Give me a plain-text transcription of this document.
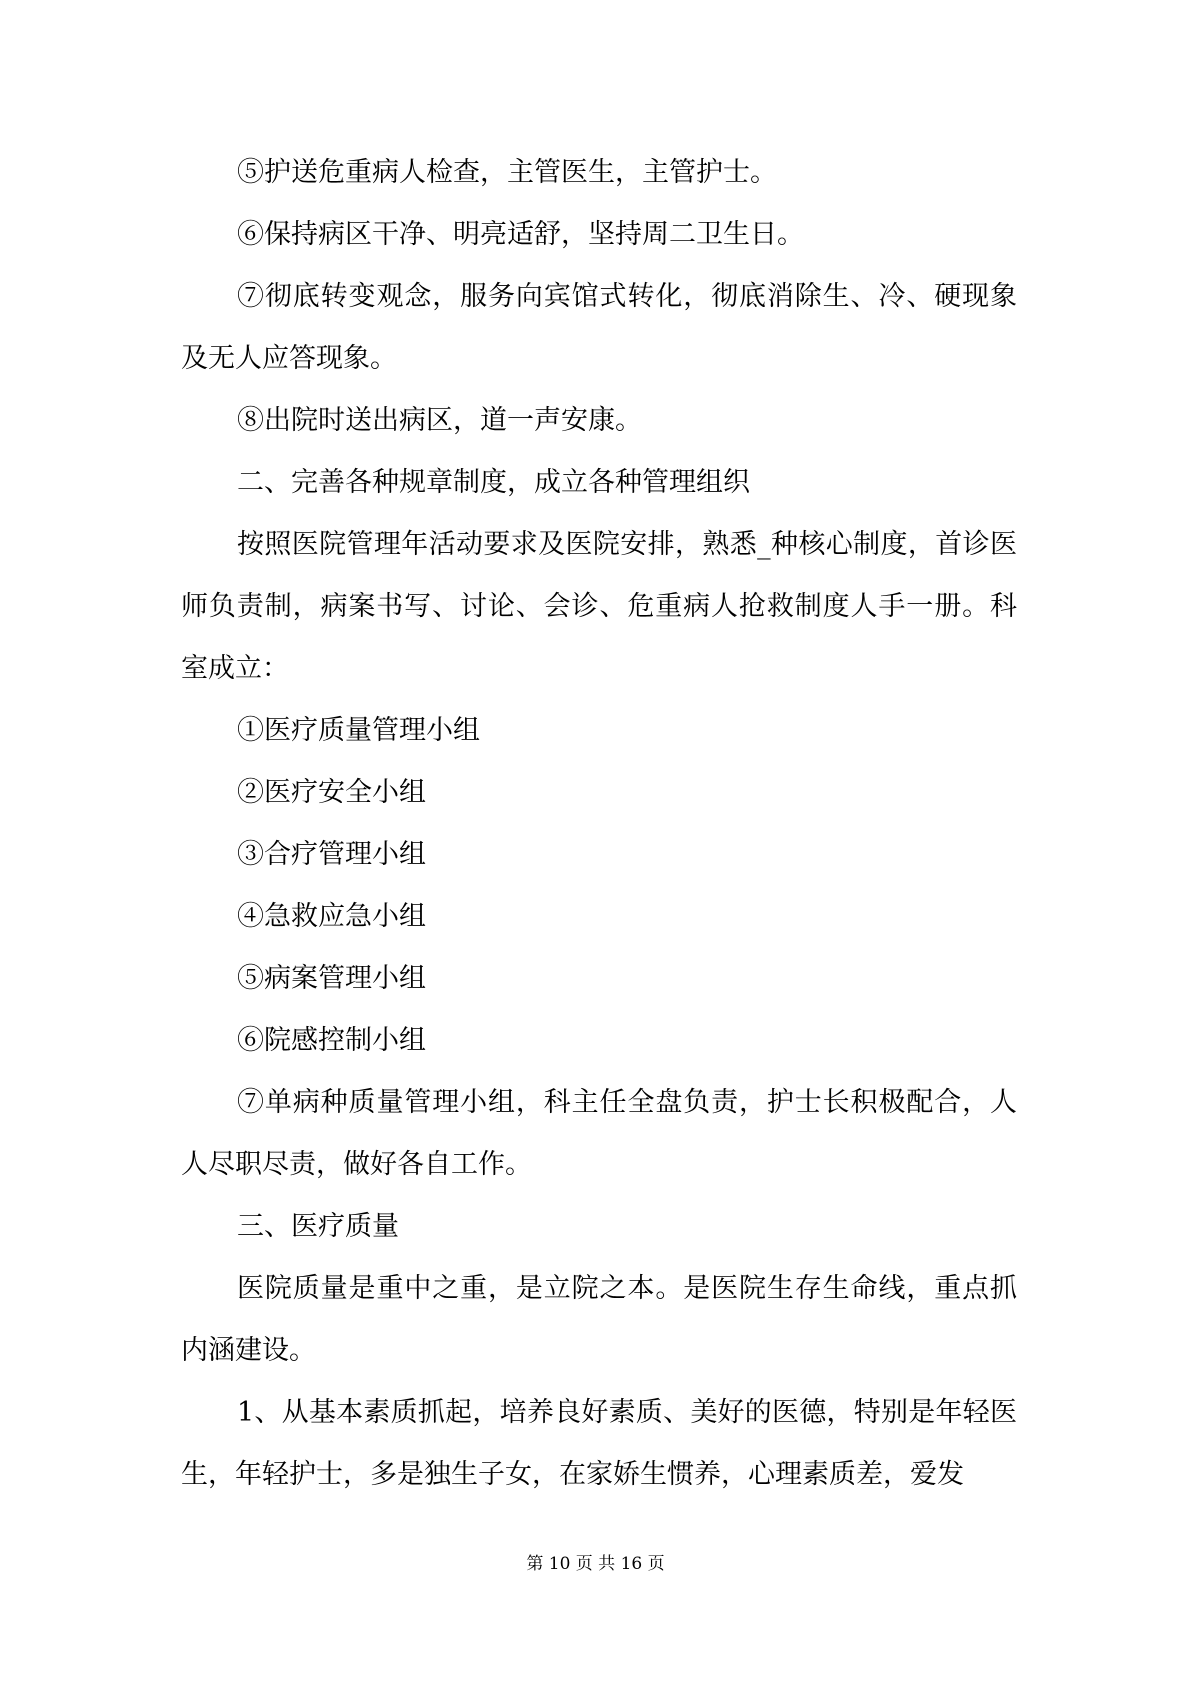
⑤护送危重病人检查，主管医生，主管护士。

⑥保持病区干净、明亮适舒，坚持周二卫生日。

⑦彻底转变观念，服务向宾馆式转化，彻底消除生、冷、硬现象及无人应答现象。

⑧出院时送出病区，道一声安康。

二、完善各种规章制度，成立各种管理组织

按照医院管理年活动要求及医院安排，熟悉_种核心制度，首诊医师负责制，病案书写、讨论、会诊、危重病人抢救制度人手一册。科室成立：

①医疗质量管理小组

②医疗安全小组

③合疗管理小组

④急救应急小组

⑤病案管理小组

⑥院感控制小组

⑦单病种质量管理小组，科主任全盘负责，护士长积极配合，人人尽职尽责，做好各自工作。

三、医疗质量

医院质量是重中之重，是立院之本。是医院生存生命线，重点抓内涵建设。

1、从基本素质抓起，培养良好素质、美好的医德，特别是年轻医生，年轻护士，多是独生子女，在家娇生惯养，心理素质差，爱发

第 10 页 共 16 页
